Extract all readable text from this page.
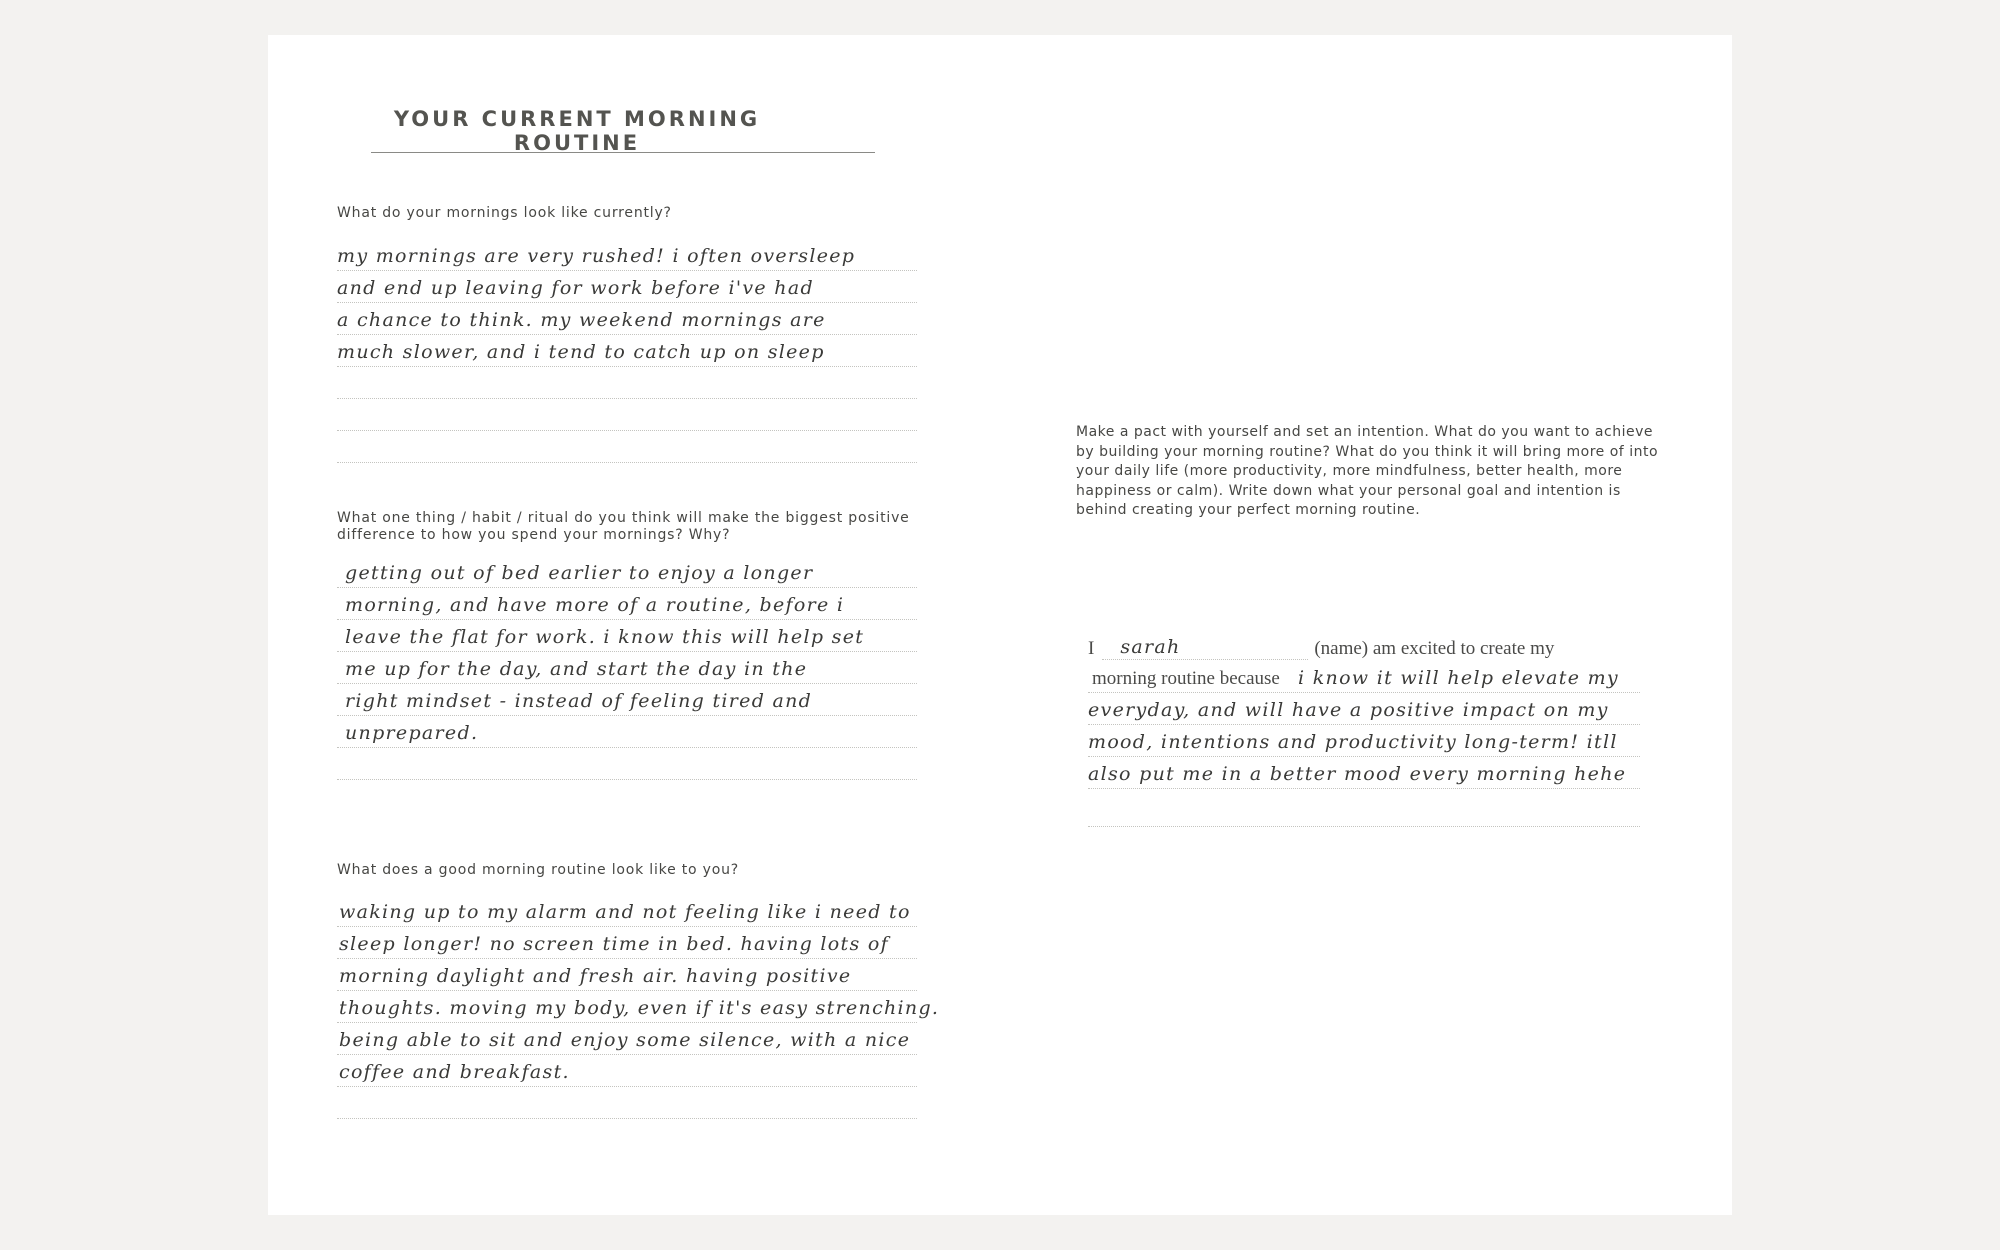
YOUR CURRENT MORNING ROUTINE
What do your mornings look like currently?
my mornings are very rushed! i often oversleep
and end up leaving for work before i've had
a chance to think. my weekend mornings are
much slower, and i tend to catch up on sleep
What one thing / habit / ritual do you think will make the biggest positive difference to how you spend your mornings? Why?
getting out of bed earlier to enjoy a longer
morning, and have more of a routine, before i
leave the flat for work. i know this will help set
me up for the day, and start the day in the
right mindset - instead of feeling tired and
unprepared.
What does a good morning routine look like to you?
waking up to my alarm and not feeling like i need to
sleep longer! no screen time in bed. having lots of
morning daylight and fresh air. having positive
thoughts. moving my body, even if it's easy strenching.
being able to sit and enjoy some silence, with a nice
coffee and breakfast.
Make a pact with yourself and set an intention. What do you want to achieve by building your morning routine? What do you think it will bring more of into your daily life (more productivity, more mindfulness, better health, more happiness or calm). Write down what your personal goal and intention is behind creating your perfect morning routine.
I sarah	(name) am excited to create my
morning routine because i know it will help elevate my
everyday, and will have a positive impact on my
mood, intentions and productivity long-term! itll
also put me in a better mood every morning hehe
